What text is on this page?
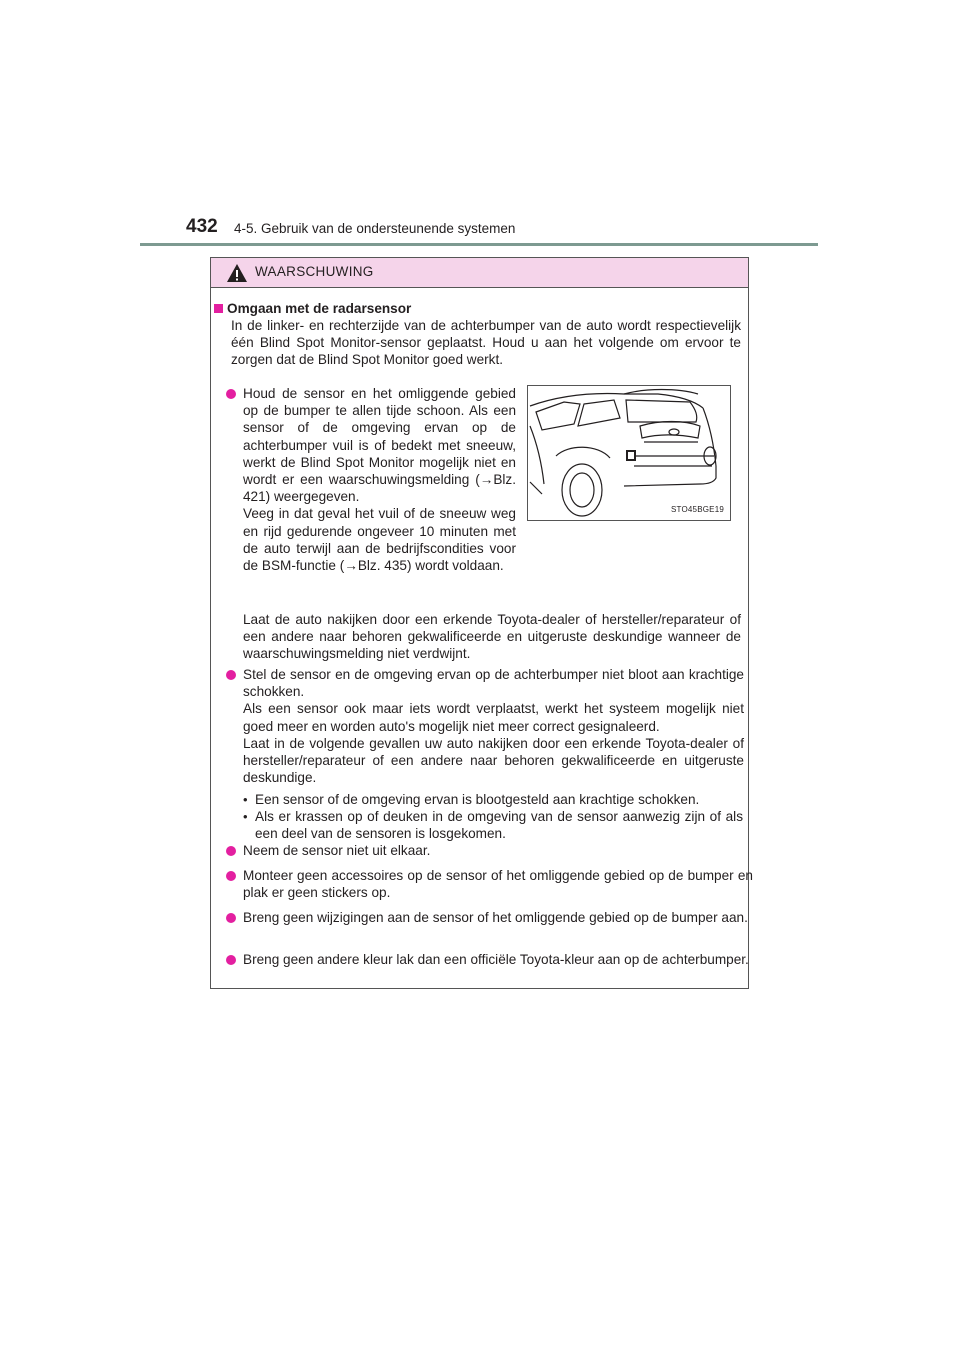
432 4-5. Gebruik van de ondersteunende systemen
WAARSCHUWING
Omgaan met de radarsensor

In de linker- en rechterzijde van de achterbumper van de auto wordt respectievelijk één Blind Spot Monitor-sensor geplaatst. Houd u aan het volgende om ervoor te zorgen dat de Blind Spot Monitor goed werkt.

Houd de sensor en het omliggende gebied op de bumper te allen tijde schoon. Als een sensor of de omgeving ervan op de achterbumper vuil is of bedekt met sneeuw, werkt de Blind Spot Monitor mogelijk niet en wordt er een waarschuwingsmelding (→Blz. 421) weergegeven.

Veeg in dat geval het vuil of de sneeuw weg en rijd gedurende ongeveer 10 minuten met de auto terwijl aan de bedrijfscondities voor de BSM-functie (→Blz. 435) wordt voldaan.

STO45BGE19

Laat de auto nakijken door een erkende Toyota-dealer of hersteller/reparateur of een andere naar behoren gekwalificeerde en uitgeruste deskundige wanneer de waarschuwingsmelding niet verdwijnt.

Stel de sensor en de omgeving ervan op de achterbumper niet bloot aan krachtige schokken.

Als een sensor ook maar iets wordt verplaatst, werkt het systeem mogelijk niet goed meer en worden auto's mogelijk niet meer correct gesignaleerd.

Laat in de volgende gevallen uw auto nakijken door een erkende Toyota-dealer of hersteller/reparateur of een andere naar behoren gekwalificeerde en uitgeruste deskundige.

• Een sensor of de omgeving ervan is blootgesteld aan krachtige schokken.

• Als er krassen op of deuken in de omgeving van de sensor aanwezig zijn of als een deel van de sensoren is losgekomen.

Neem de sensor niet uit elkaar.

Monteer geen accessoires op de sensor of het omliggende gebied op de bumper en plak er geen stickers op.

Breng geen wijzigingen aan de sensor of het omliggende gebied op de bumper aan.

Breng geen andere kleur lak dan een officiële Toyota-kleur aan op de achterbumper.
